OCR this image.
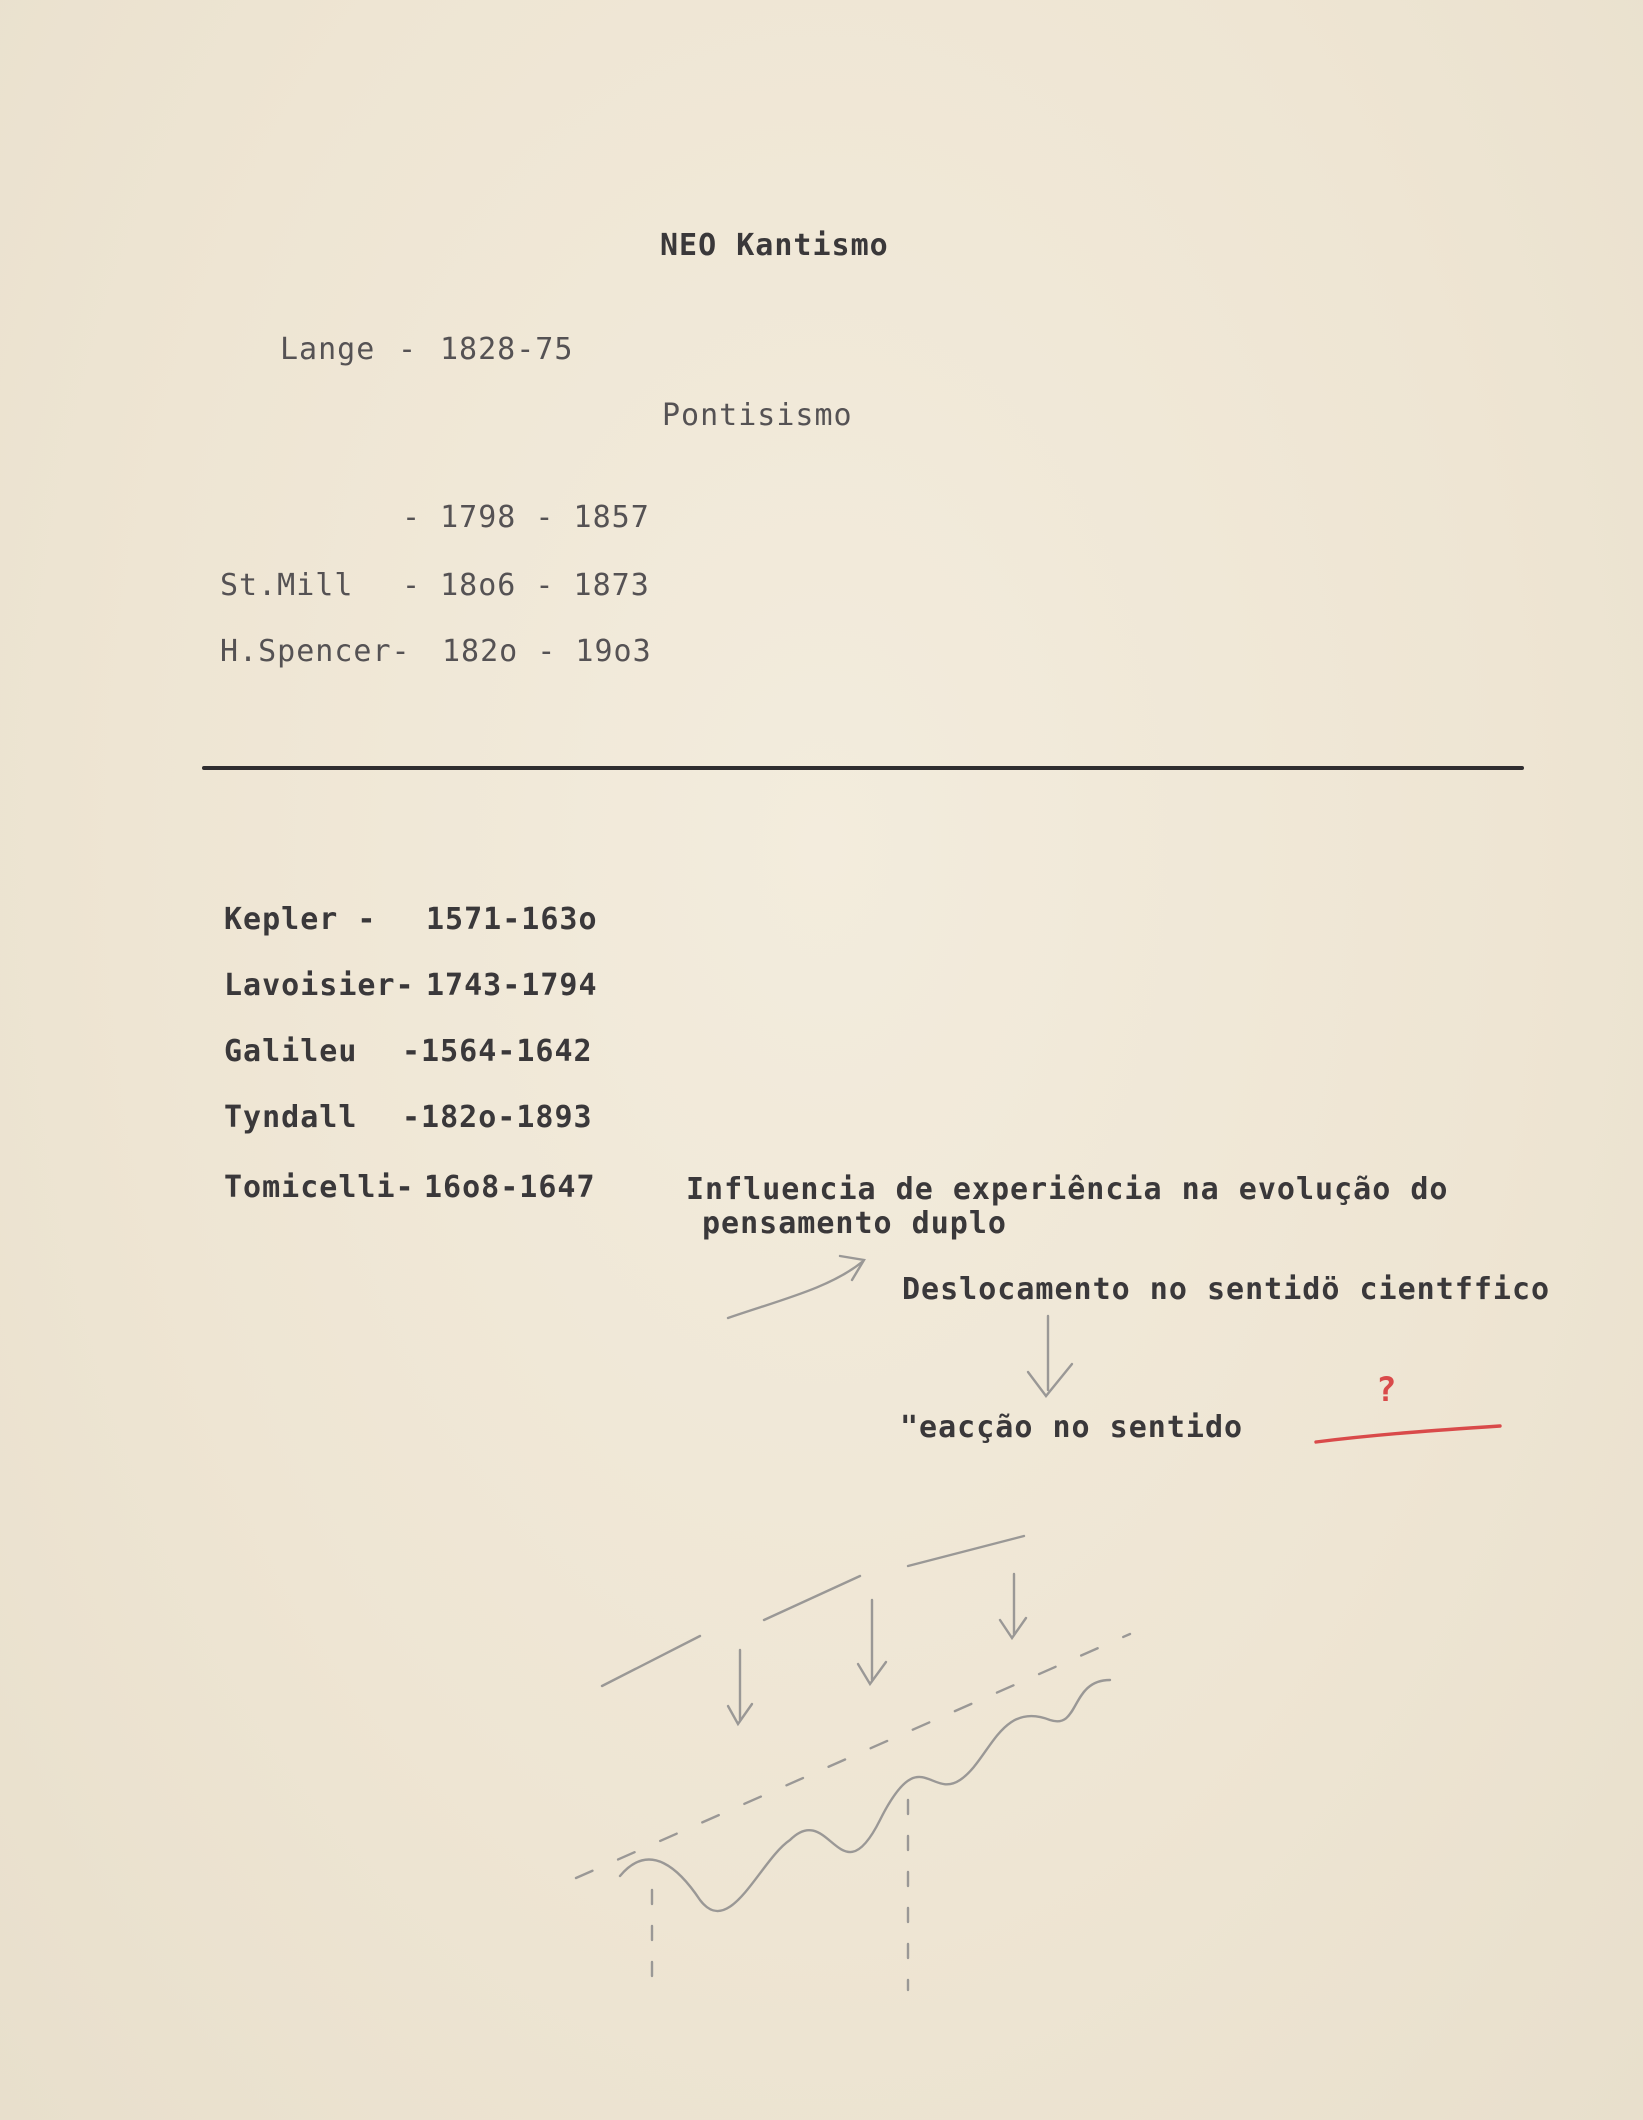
NEO Kantismo
Lange - 1828-75
Pontisismo
- 1798 - 1857
St.Mill - 18o6 - 1873
H.Spencer- 182o - 19o3
Kepler - 1571-163o
Lavoisier- 1743-1794
Galileu -1564-1642
Tyndall -182o-1893
Tomicelli- 16o8-1647	Influencia de experiência na evolução do
pensamento duplo
Deslocamento no sentidö cientffico
"eacção no sentido
?
